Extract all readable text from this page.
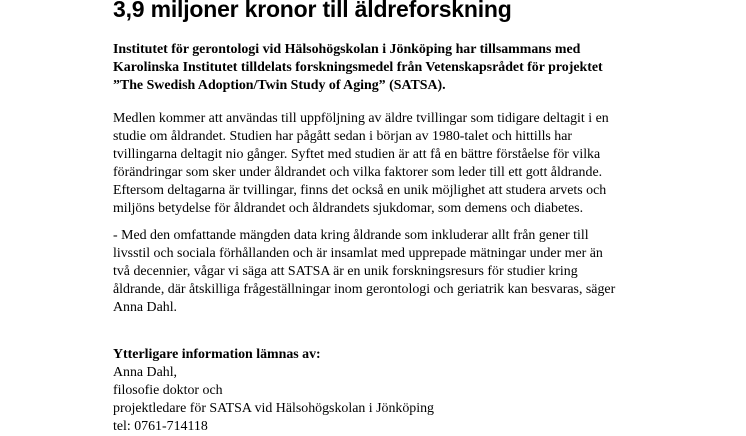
3,9 miljoner kronor till äldreforskning

Institutet för gerontologi vid Hälsohögskolan i Jönköping har tillsammans med
Karolinska Institutet tilldelats forskningsmedel från Vetenskapsrådet för projektet
”The Swedish Adoption/Twin Study of Aging” (SATSA).

Medlen kommer att användas till uppföljning av äldre tvillingar som tidigare deltagit i en
studie om åldrandet. Studien har pågått sedan i början av 1980-talet och hittills har
tvillingarna deltagit nio gånger. Syftet med studien är att få en bättre förståelse för vilka
förändringar som sker under åldrandet och vilka faktorer som leder till ett gott åldrande.
Eftersom deltagarna är tvillingar, finns det också en unik möjlighet att studera arvets och
miljöns betydelse för åldrandet och åldrandets sjukdomar, som demens och diabetes.

- Med den omfattande mängden data kring åldrande som inkluderar allt från gener till
livsstil och sociala förhållanden och är insamlat med upprepade mätningar under mer än
två decennier, vågar vi säga att SATSA är en unik forskningsresurs för studier kring
åldrande, där åtskilliga frågeställningar inom gerontologi och geriatrik kan besvaras, säger
Anna Dahl.

Ytterligare information lämnas av:

Anna Dahl,
filosofie doktor och
projektledare för SATSA vid Hälsohögskolan i Jönköping
tel: 0761-714118
